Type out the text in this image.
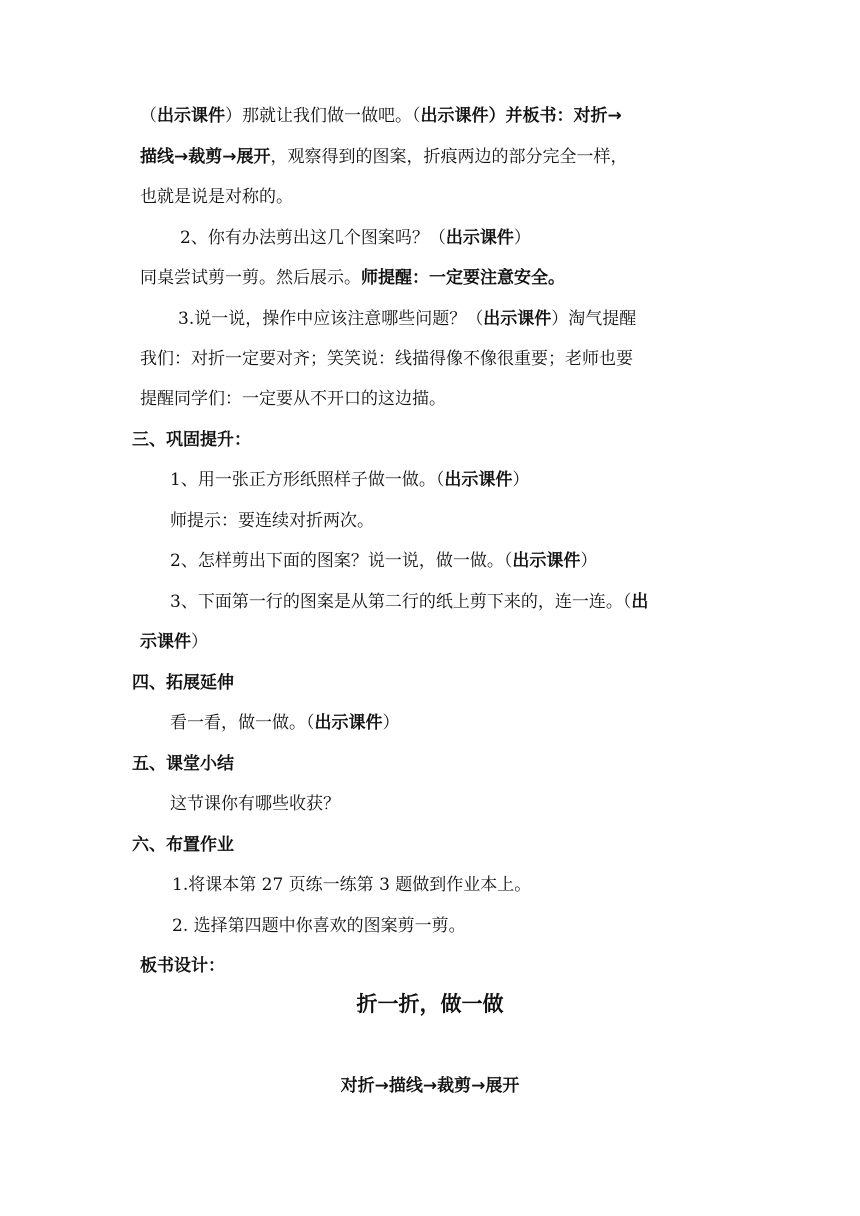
（出示课件）那就让我们做一做吧。（出示课件）并板书：对折→
描线→裁剪→展开，观察得到的图案，折痕两边的部分完全一样，
也就是说是对称的。
2、你有办法剪出这几个图案吗？（出示课件）
同桌尝试剪一剪。然后展示。师提醒：一定要注意安全。
3.说一说，操作中应该注意哪些问题？（出示课件）淘气提醒
我们：对折一定要对齐；笑笑说：线描得像不像很重要；老师也要
提醒同学们：一定要从不开口的这边描。
三、巩固提升：
1、用一张正方形纸照样子做一做。（出示课件）
师提示：要连续对折两次。
2、怎样剪出下面的图案？说一说，做一做。（出示课件）
3、下面第一行的图案是从第二行的纸上剪下来的，连一连。（出
示课件）
四、拓展延伸
看一看，做一做。（出示课件）
五、课堂小结
这节课你有哪些收获？
六、布置作业
1.将课本第 27 页练一练第 3 题做到作业本上。
2. 选择第四题中你喜欢的图案剪一剪。
板书设计：
折一折，做一做
对折→描线→裁剪→展开
